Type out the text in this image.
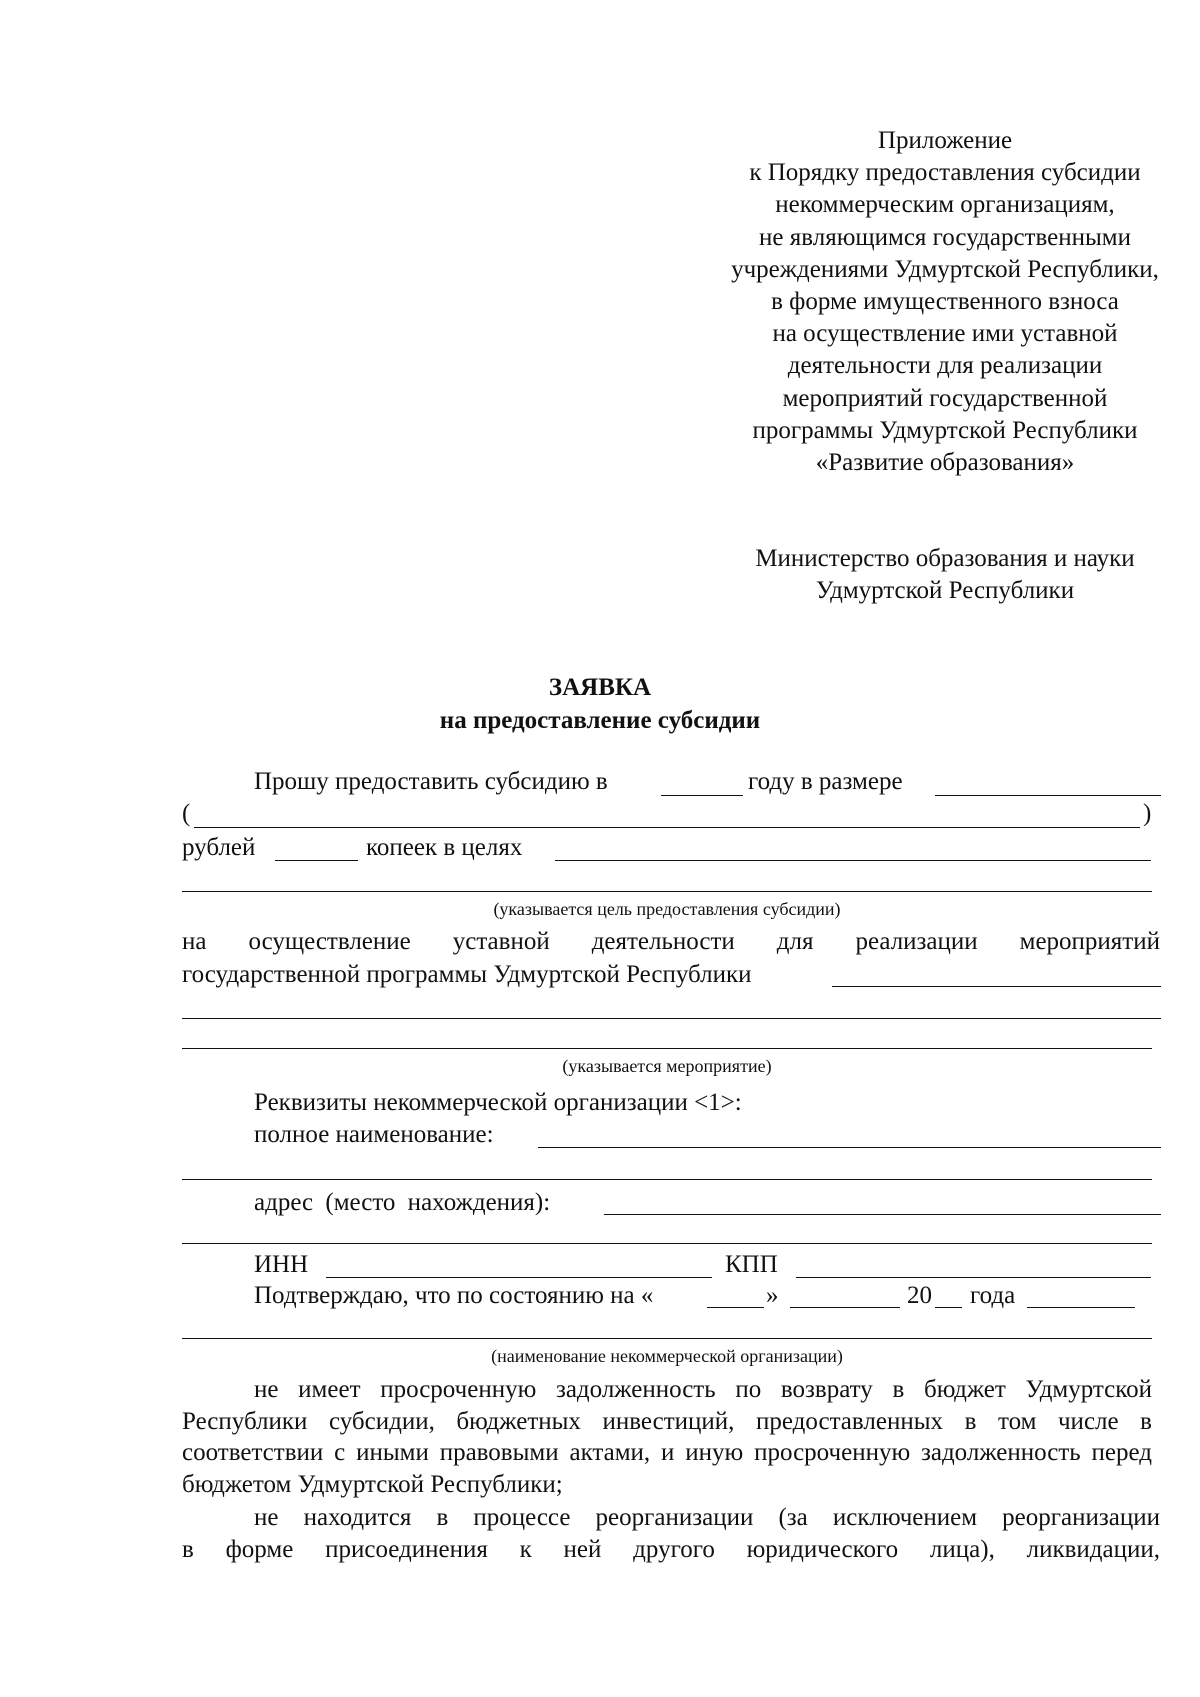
Приложение
к Порядку предоставления субсидии
некоммерческим организациям,
не являющимся государственными
учреждениями Удмуртской Республики,
в форме имущественного взноса
на осуществление ими уставной
деятельности для реализации
мероприятий государственной
программы Удмуртской Республики
«Развитие образования»
Министерство образования и науки
Удмуртской Республики
ЗАЯВКА
на предоставление субсидии
Прошу предоставить субсидию в	году в размере
(	)
рублей	копеек в целях
(указывается цель предоставления субсидии)
на осуществление уставной деятельности для реализации мероприятий
государственной программы Удмуртской Республики
(указывается мероприятие)
Реквизиты некоммерческой организации <1>:
полное наименование:
адрес (место нахождения):
ИНН	КПП
Подтверждаю, что по состоянию на «	»	20 года
(наименование некоммерческой организации)
не имеет просроченную задолженность по возврату в бюджет Удмуртской Республики субсидии, бюджетных инвестиций, предоставленных в том числе в соответствии с иными правовыми актами, и иную просроченную задолженность перед бюджетом Удмуртской Республики;
не находится в процессе реорганизации (за исключением реорганизации
в форме присоединения к ней другого юридического лица), ликвидации,
